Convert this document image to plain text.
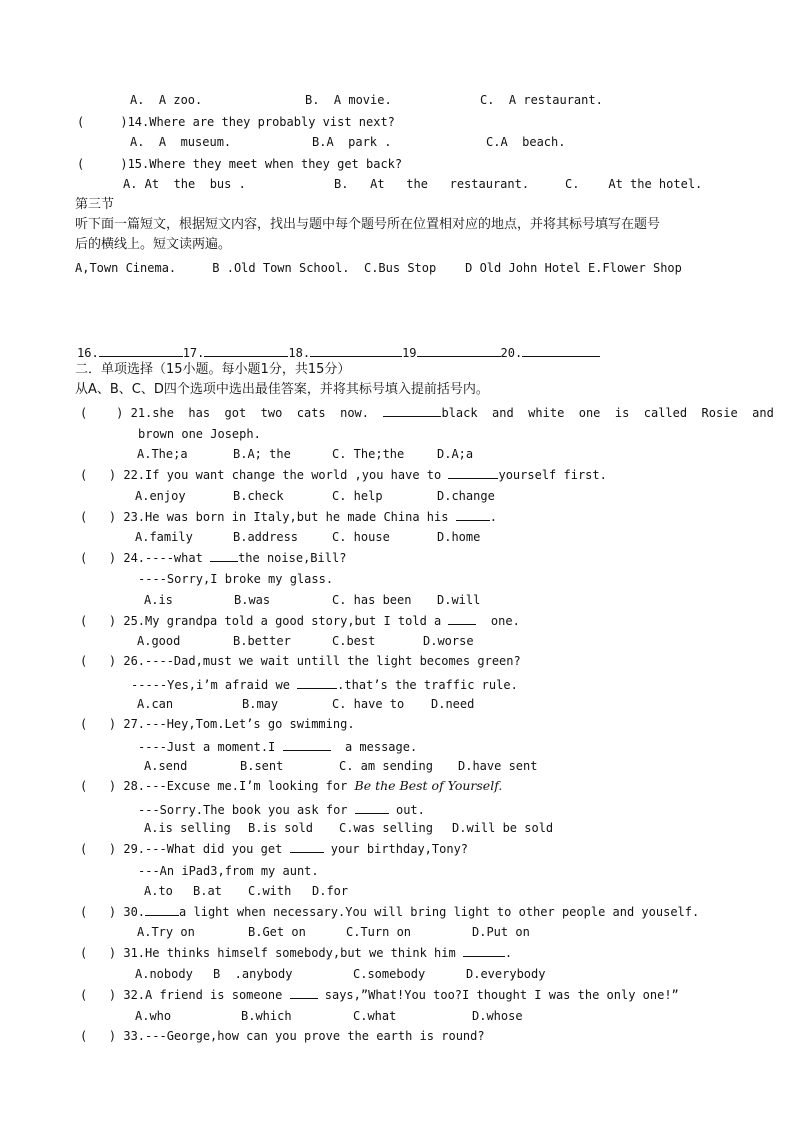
A.  A zoo.	B.  A movie.	C.  A restaurant.
(     )14.Where are they probably vist next?
A.  A  museum.	B.A  park .	C.A  beach.
(     )15.Where they meet when they get back?
A. At  the  bus .	B.   At   the   restaurant.	C.    At the hotel.
第三节
听下面一篇短文，根据短文内容，找出与题中每个题号所在位置相对应的地点，并将其标号填写在题号
后的横线上。短文读两遍。
A,Town Cinema.     B .Old Town School.  C.Bus Stop    D Old John Hotel E.Flower Shop
16.	17.	18.	19	20.
二．单项选择（15小题。每小题1分，共15分）
从A、B、C、D四个选项中选出最佳答案，并将其标号填入提前括号内。
(    ) 21.she  has  got  two  cats  now.	black  and  white  one  is  called  Rosie  and
brown one Joseph.
A.The;a	B.A; the	C. The;the	D.A;a
(   ) 22.If you want change the world ,you have to	yourself first.
A.enjoy	B.check	C. help	D.change
(   ) 23.He was born in Italy,but he made China his	.
A.family	B.address	C. house	D.home
(   ) 24.----what the noise,Bill?
----Sorry,I broke my glass.
A.is	B.was	C. has been D.will
(   ) 25.My grandpa told a good story,but I told a   one.
A.good	B.better	C.best	D.worse
(   ) 26.----Dad,must we wait untill the light becomes green?
-----Yes,i’m afraid we	.that’s the traffic rule.
A.can	B.may	C. have to D.need
(   ) 27.---Hey,Tom.Let’s go swimming.
----Just a moment.I	a message.
A.send	B.sent	C. am sending D.have sent
(   ) 28.---Excuse me.I’m looking for Be the Best of Yourself.
---Sorry.The book you ask for	out.
A.is selling B.is sold C.was selling D.will be sold
(   ) 29.---What did you get	your birthday,Tony?
---An iPad3,from my aunt.
A.to B.at C.with D.for
(   ) 30.	a light when necessary.You will bring light to other people and youself.
A.Try on	B.Get on	C.Turn on	D.Put on
(   ) 31.He thinks himself somebody,but we think him	.
A.nobody B  .anybody	C.somebody	D.everybody
(   ) 32.A friend is someone  says,”What!You too?I thought I was the only one!”
A.who	B.which	C.what	D.whose
(   ) 33.---George,how can you prove the earth is round?
